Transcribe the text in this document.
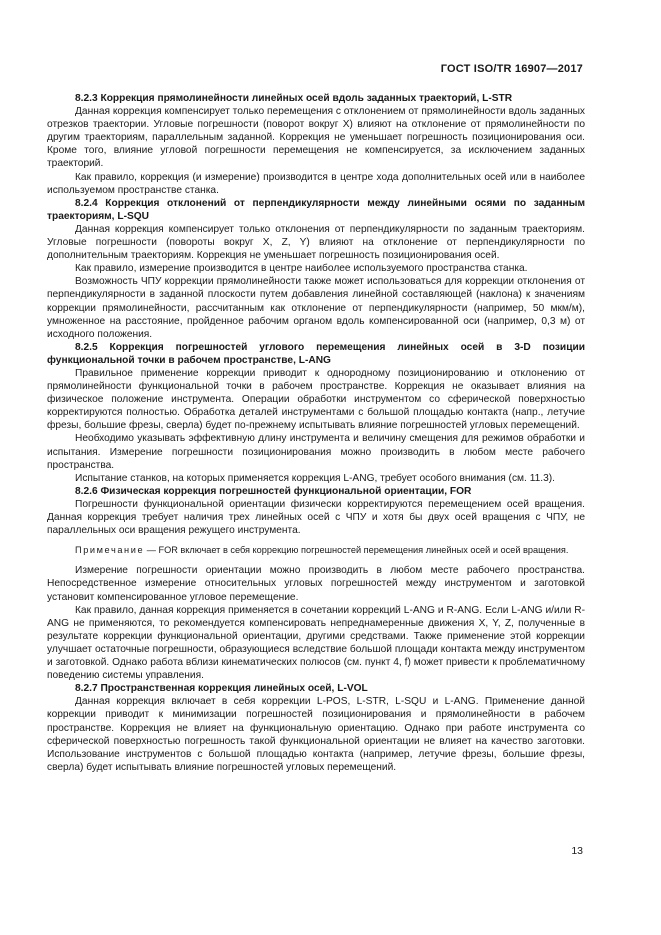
ГОСТ ISO/TR 16907—2017

8.2.3 Коррекция прямолинейности линейных осей вдоль заданных траекторий, L-STR

Данная коррекция компенсирует только перемещения с отклонением от прямолинейности вдоль заданных отрезков траектории. Угловые погрешности (поворот вокруг X) влияют на отклонение от прямолинейности по другим траекториям, параллельным заданной. Коррекция не уменьшает погрешность позиционирования оси. Кроме того, влияние угловой погрешности перемещения не компенсируется, за исключением заданных траекторий.

Как правило, коррекция (и измерение) производится в центре хода дополнительных осей или в наиболее используемом пространстве станка.

8.2.4 Коррекция отклонений от перпендикулярности между линейными осями по заданным траекториям, L-SQU

Данная коррекция компенсирует только отклонения от перпендикулярности по заданным траекториям. Угловые погрешности (повороты вокруг X, Z, Y) влияют на отклонение от перпендикулярности по дополнительным траекториям. Коррекция не уменьшает погрешность позиционирования осей.

Как правило, измерение производится в центре наиболее используемого пространства станка.

Возможность ЧПУ коррекции прямолинейности также может использоваться для коррекции отклонения от перпендикулярности в заданной плоскости путем добавления линейной составляющей (наклона) к значениям коррекции прямолинейности, рассчитанным как отклонение от перпендикулярности (например, 50 мкм/м), умноженное на расстояние, пройденное рабочим органом вдоль компенсированной оси (например, 0,3 м) от исходного положения.

8.2.5 Коррекция погрешностей углового перемещения линейных осей в 3-D позиции функциональной точки в рабочем пространстве, L-ANG

Правильное применение коррекции приводит к однородному позиционированию и отклонению от прямолинейности функциональной точки в рабочем пространстве. Коррекция не оказывает влияния на физическое положение инструмента. Операции обработки инструментом со сферической поверхностью корректируются полностью. Обработка деталей инструментами с большой площадью контакта (напр., летучие фрезы, большие фрезы, сверла) будет по-прежнему испытывать влияние погрешностей угловых перемещений.

Необходимо указывать эффективную длину инструмента и величину смещения для режимов обработки и испытания. Измерение погрешности позиционирования можно производить в любом месте рабочего пространства.

Испытание станков, на которых применяется коррекция L-ANG, требует особого внимания (см. 11.3).

8.2.6 Физическая коррекция погрешностей функциональной ориентации, FOR

Погрешности функциональной ориентации физически корректируются перемещением осей вращения. Данная коррекция требует наличия трех линейных осей с ЧПУ и хотя бы двух осей вращения с ЧПУ, не параллельных оси вращения режущего инструмента.

Примечание — FOR включает в себя коррекцию погрешностей перемещения линейных осей и осей вращения.

Измерение погрешности ориентации можно производить в любом месте рабочего пространства. Непосредственное измерение относительных угловых погрешностей между инструментом и заготовкой установит компенсированное угловое перемещение.

Как правило, данная коррекция применяется в сочетании коррекций L-ANG и R-ANG. Если L-ANG и/или R-ANG не применяются, то рекомендуется компенсировать непреднамеренные движения X, Y, Z, полученные в результате коррекции функциональной ориентации, другими средствами. Также применение этой коррекции улучшает остаточные погрешности, образующиеся вследствие большой площади контакта между инструментом и заготовкой. Однако работа вблизи кинематических полюсов (см. пункт 4, f) может привести к проблематичному поведению системы управления.

8.2.7 Пространственная коррекция линейных осей, L-VOL

Данная коррекция включает в себя коррекции L-POS, L-STR, L-SQU и L-ANG. Применение данной коррекции приводит к минимизации погрешностей позиционирования и прямолинейности в рабочем пространстве. Коррекция не влияет на функциональную ориентацию. Однако при работе инструмента со сферической поверхностью погрешность такой функциональной ориентации не влияет на качество заготовки. Использование инструментов с большой площадью контакта (например, летучие фрезы, большие фрезы, сверла) будет испытывать влияние погрешностей угловых перемещений.

13
